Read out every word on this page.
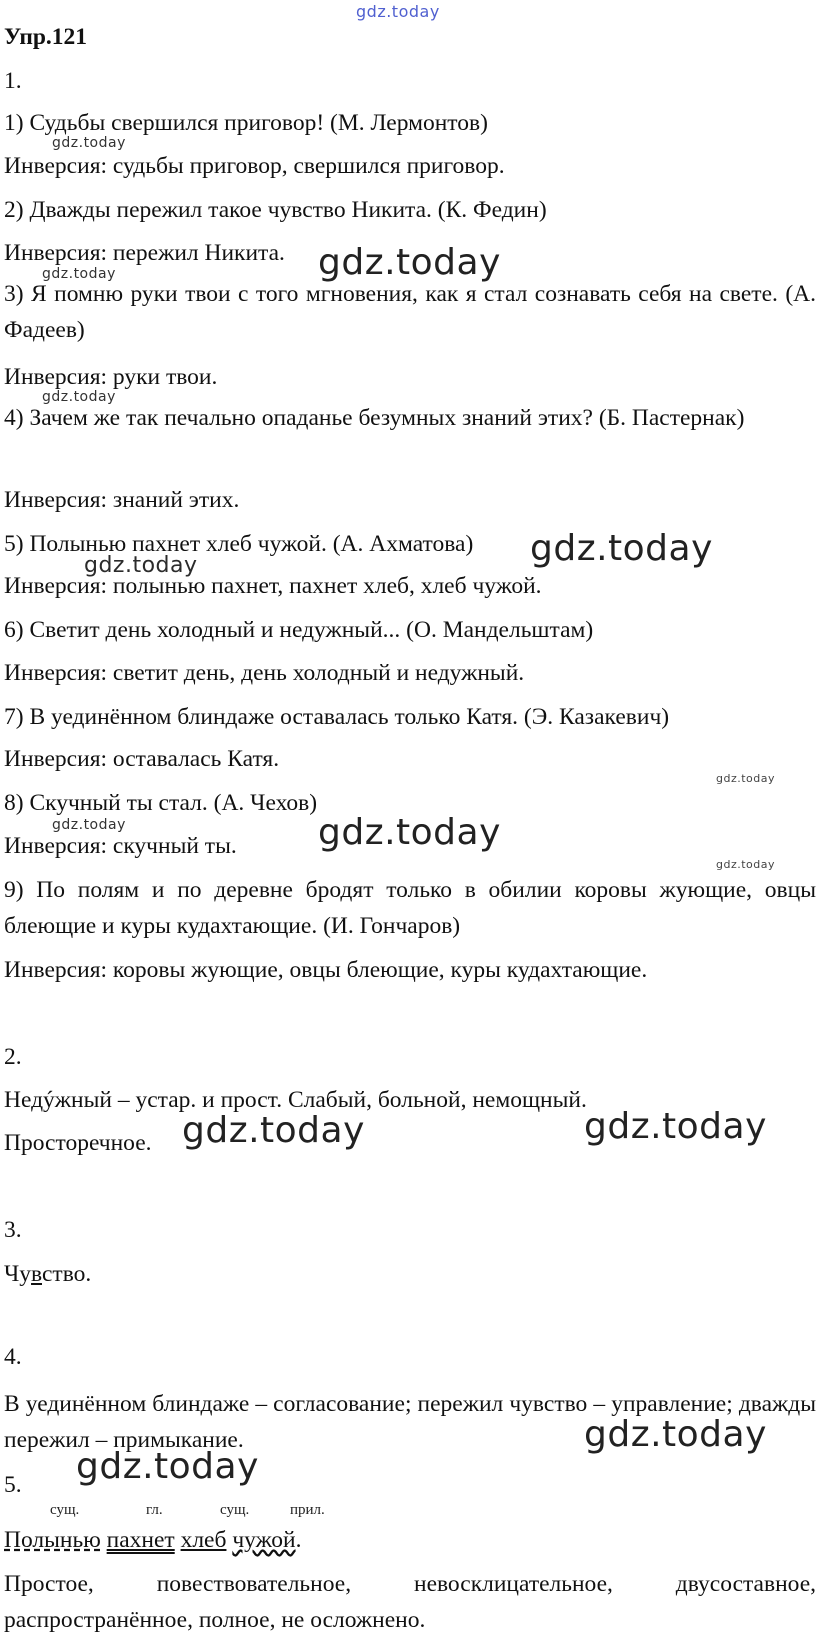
gdz.today
gdz.today
gdz.today
gdz.today
gdz.today
gdz.today
gdz.today
gdz.today
gdz.today	gdz.today
gdz.today
gdz.today	gdz.today
gdz.today
gdz.today
Упр.121
1.
1) Судьбы свершился приговор! (М. Лермонтов)
Инверсия: судьбы приговор, свершился приговор.
2) Дважды пережил такое чувство Никита. (К. Федин)
Инверсия: пережил Никита.
3) Я помню руки твои с того мгновения, как я стал сознавать себя на свете. (А. Фадеев)
Инверсия: руки твои.
4) Зачем же так печально опаданье безумных знаний этих? (Б. Пастернак)
Инверсия: знаний этих.
5) Полынью пахнет хлеб чужой. (А. Ахматова)
Инверсия: полынью пахнет, пахнет хлеб, хлеб чужой.
6) Светит день холодный и недужный... (О. Мандельштам)
Инверсия: светит день, день холодный и недужный.
7) В уединённом блиндаже оставалась только Катя. (Э. Казакевич)
Инверсия: оставалась Катя.
8) Скучный ты стал. (А. Чехов)
Инверсия: скучный ты.
9) По полям и по деревне бродят только в обилии коровы жующие, овцы блеющие и куры кудахтающие. (И. Гончаров)
Инверсия: коровы жующие, овцы блеющие, куры кудахтающие.
2.
Недýжный – устар. и прост. Слабый, больной, немощный.
Просторечное.
3.
Чувство.
4.
В уединённом блиндаже – согласование; пережил чувство – управление; дважды пережил – примыкание.
5.
сущ.	гл.	сущ.	прил.
Полынью пахнет хлеб чужой.
Простое, повествовательное, невосклицательное, двусоставное, распространённое, полное, не осложнено.
